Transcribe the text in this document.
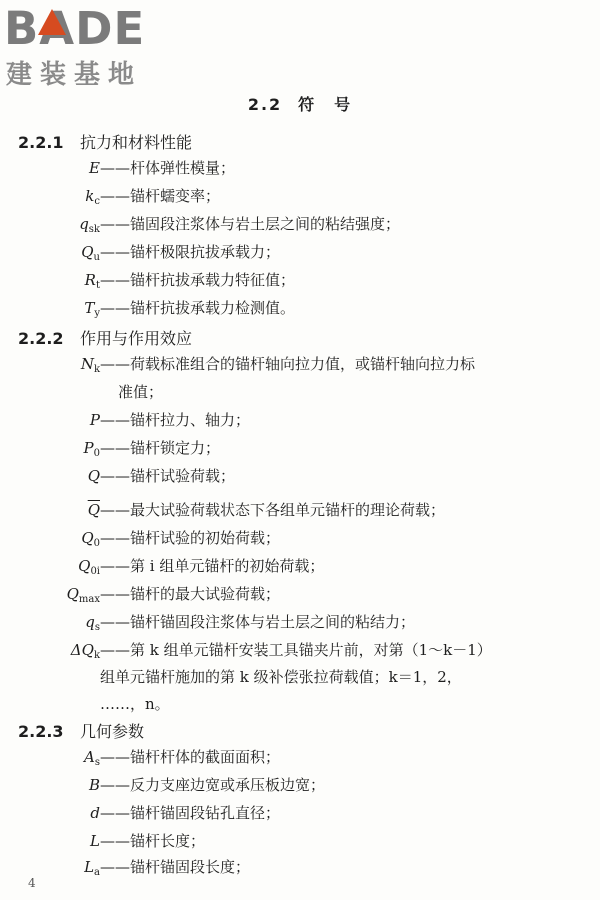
BADE
建装基地
2.2 符　号
2.2.1 抗力和材料性能
E ——杆体弹性模量；
$k_c$ ——锚杆蠕变率；
$q_{sk}$ ——锚固段注浆体与岩土层之间的粘结强度；
$Q_u$ ——锚杆极限抗拔承载力；
$R_t$ ——锚杆抗拔承载力特征值；
$T_y$ ——锚杆抗拔承载力检测值。
2.2.2 作用与作用效应
$N_k$ ——荷载标准组合的锚杆轴向拉力值，或锚杆轴向拉力标
准值；
P ——锚杆拉力、轴力；
$P_0$ ——锚杆锁定力；
Q ——锚杆试验荷载；
Q ——最大试验荷载状态下各组单元锚杆的理论荷载；
$Q_0$ ——锚杆试验的初始荷载；
$Q_{0i}$ ——第 i 组单元锚杆的初始荷载；
$Q_{max}$ ——锚杆的最大试验荷载；
$q_s$ ——锚杆锚固段注浆体与岩土层之间的粘结力；
$\Delta Q_k$ ——第 k 组单元锚杆安装工具锚夹片前，对第（1～k－1）
组单元锚杆施加的第 k 级补偿张拉荷载值；k＝1，2，
……，n。
2.2.3 几何参数
$A_s$ ——锚杆杆体的截面面积；
B ——反力支座边宽或承压板边宽；
d ——锚杆锚固段钻孔直径；
L ——锚杆长度；
$L_a$ ——锚杆锚固段长度；
4
